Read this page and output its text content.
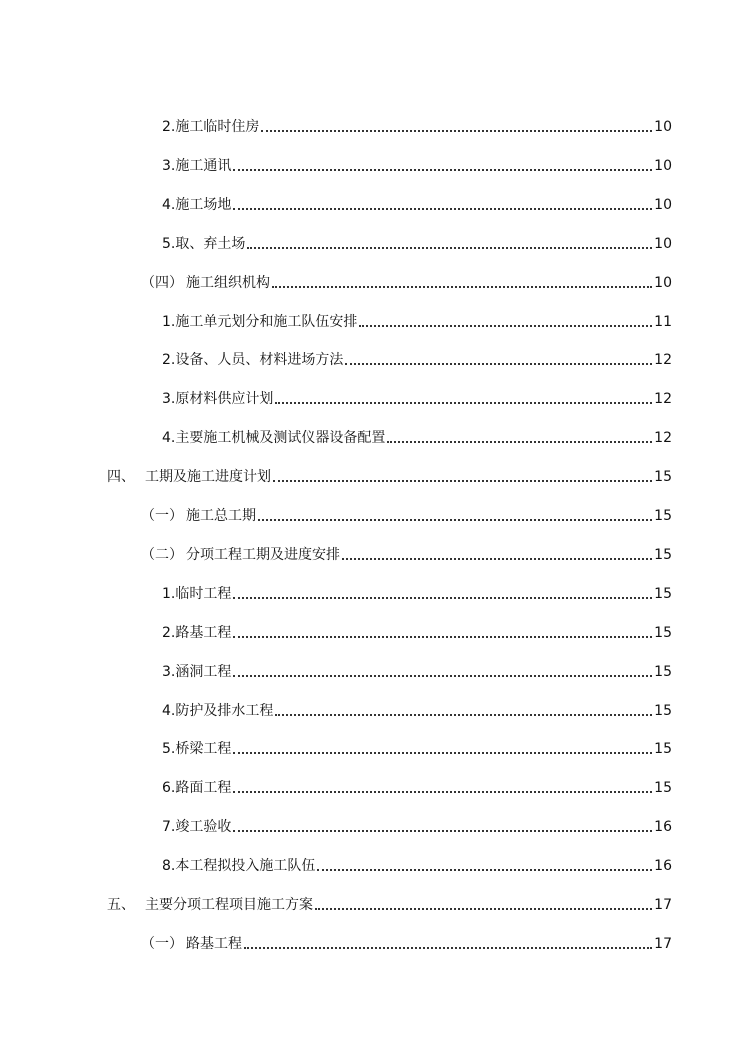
2.施工临时住房	10
3.施工通讯	10
4.施工场地	10
5.取、弃土场	10
（四） 施工组织机构	10
1.施工单元划分和施工队伍安排	11
2.设备、人员、材料进场方法	12
3.原材料供应计划	12
4.主要施工机械及测试仪器设备配置	12
四、 工期及施工进度计划	15
（一） 施工总工期	15
（二） 分项工程工期及进度安排	15
1.临时工程	15
2.路基工程	15
3.涵洞工程	15
4.防护及排水工程	15
5.桥梁工程	15
6.路面工程	15
7.竣工验收	16
8.本工程拟投入施工队伍	16
五、 主要分项工程项目施工方案	17
（一） 路基工程	17
